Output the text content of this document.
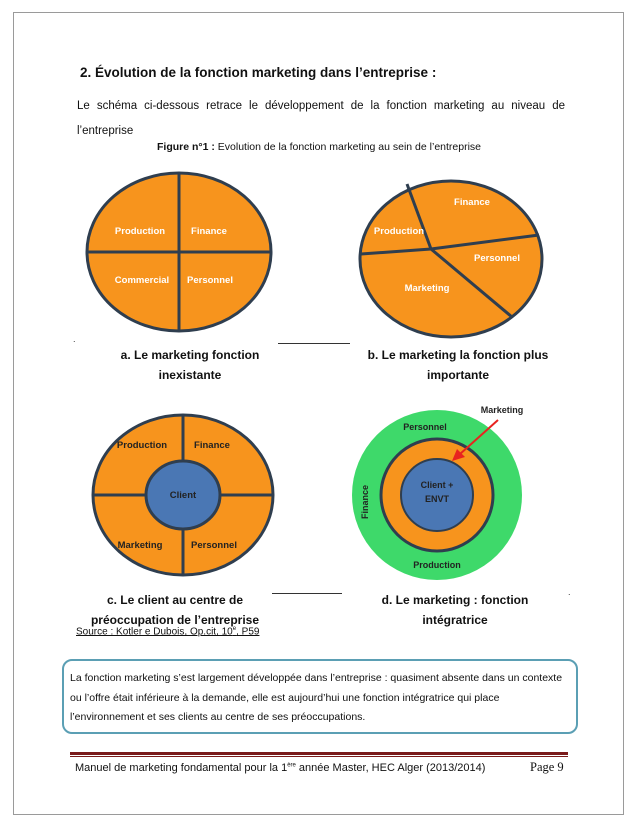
2. Évolution de la fonction marketing dans l’entreprise :
Le schéma ci-dessous retrace le développement de la fonction marketing au niveau de l’entreprise
Figure n°1 : Evolution de la fonction marketing au sein de l’entreprise
Production	Finance
Commercial Personnel
Finance
Production
Personnel
Marketing
.
a. Le marketing fonction
inexistante
b. Le marketing la fonction plus
importante
Production	Finance
Marketing	Personnel
Client
Personnel
Finance
Production
Client +
ENVT
Marketing
.
c. Le client au centre de
préoccupation de l’entreprise
d. Le marketing : fonction
intégratrice
Source : Kotler e Dubois, Op.cit, 10e, P59
La fonction marketing s’est largement développée dans l’entreprise : quasiment absente dans un contexte ou l’offre était inférieure à la demande, elle est aujourd’hui une fonction intégratrice qui place l’environnement et ses clients au centre de ses préoccupations.
Manuel de marketing fondamental pour la 1ère année Master, HEC Alger (2013/2014)	Page 9
